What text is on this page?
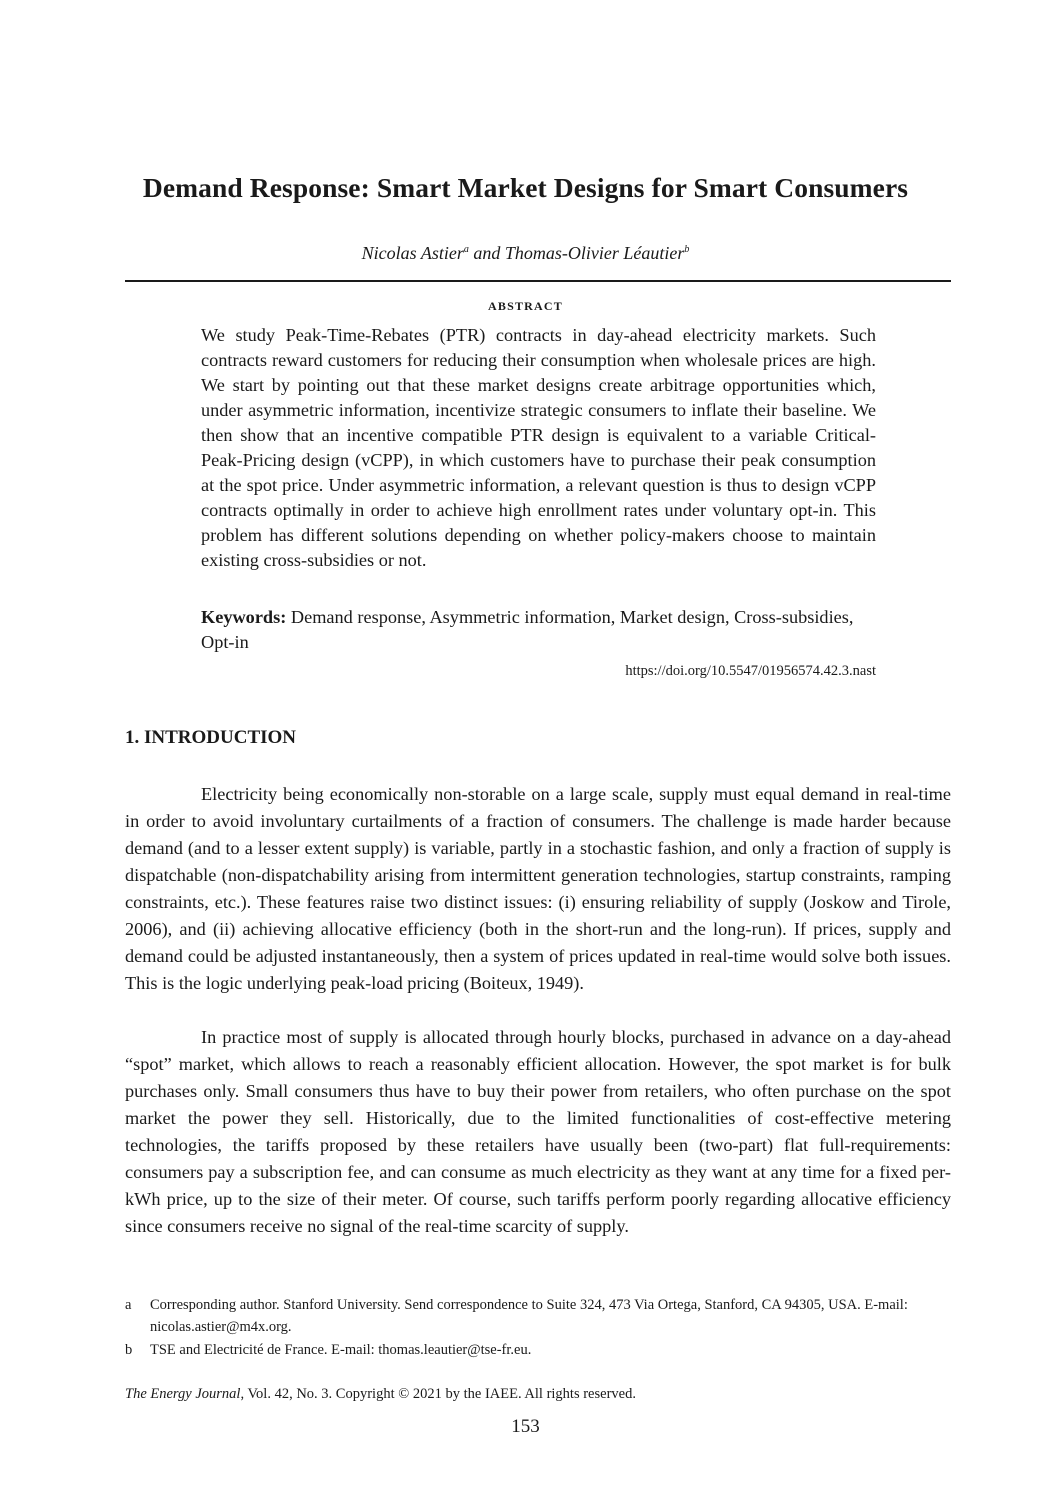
Demand Response: Smart Market Designs for Smart Consumers
Nicolas Astier$^a$ and Thomas-Olivier Léautier$^b$
ABSTRACT
We study Peak-Time-Rebates (PTR) contracts in day-ahead electricity markets. Such contracts reward customers for reducing their consumption when wholesale prices are high. We start by pointing out that these market designs create arbitrage opportunities which, under asymmetric information, incentivize strategic consumers to inflate their baseline. We then show that an incentive compatible PTR design is equivalent to a variable Critical-Peak-Pricing design (vCPP), in which customers have to purchase their peak consumption at the spot price. Under asymmetric information, a relevant question is thus to design vCPP contracts optimally in order to achieve high enrollment rates under voluntary opt-in. This problem has different solutions depending on whether policy-makers choose to maintain existing cross-subsidies or not.
Keywords: Demand response, Asymmetric information, Market design, Cross-subsidies, Opt-in
https://doi.org/10.5547/01956574.42.3.nast
1. INTRODUCTION
Electricity being economically non-storable on a large scale, supply must equal demand in real-time in order to avoid involuntary curtailments of a fraction of consumers. The challenge is made harder because demand (and to a lesser extent supply) is variable, partly in a stochastic fashion, and only a fraction of supply is dispatchable (non-dispatchability arising from intermittent generation technologies, startup constraints, ramping constraints, etc.). These features raise two distinct issues: (i) ensuring reliability of supply (Joskow and Tirole, 2006), and (ii) achieving allocative efficiency (both in the short-run and the long-run). If prices, supply and demand could be adjusted instantaneously, then a system of prices updated in real-time would solve both issues. This is the logic underlying peak-load pricing (Boiteux, 1949).
In practice most of supply is allocated through hourly blocks, purchased in advance on a day-ahead “spot” market, which allows to reach a reasonably efficient allocation. However, the spot market is for bulk purchases only. Small consumers thus have to buy their power from retailers, who often purchase on the spot market the power they sell. Historically, due to the limited functionalities of cost-effective metering technologies, the tariffs proposed by these retailers have usually been (two-part) flat full-requirements: consumers pay a subscription fee, and can consume as much electricity as they want at any time for a fixed per-kWh price, up to the size of their meter. Of course, such tariffs perform poorly regarding allocative efficiency since consumers receive no signal of the real-time scarcity of supply.
a Corresponding author. Stanford University. Send correspondence to Suite 324, 473 Via Ortega, Stanford, CA 94305, USA. E-mail: nicolas.astier@m4x.org.
b TSE and Electricité de France. E-mail: thomas.leautier@tse-fr.eu.
The Energy Journal, Vol. 42, No. 3. Copyright © 2021 by the IAEE. All rights reserved.
153
